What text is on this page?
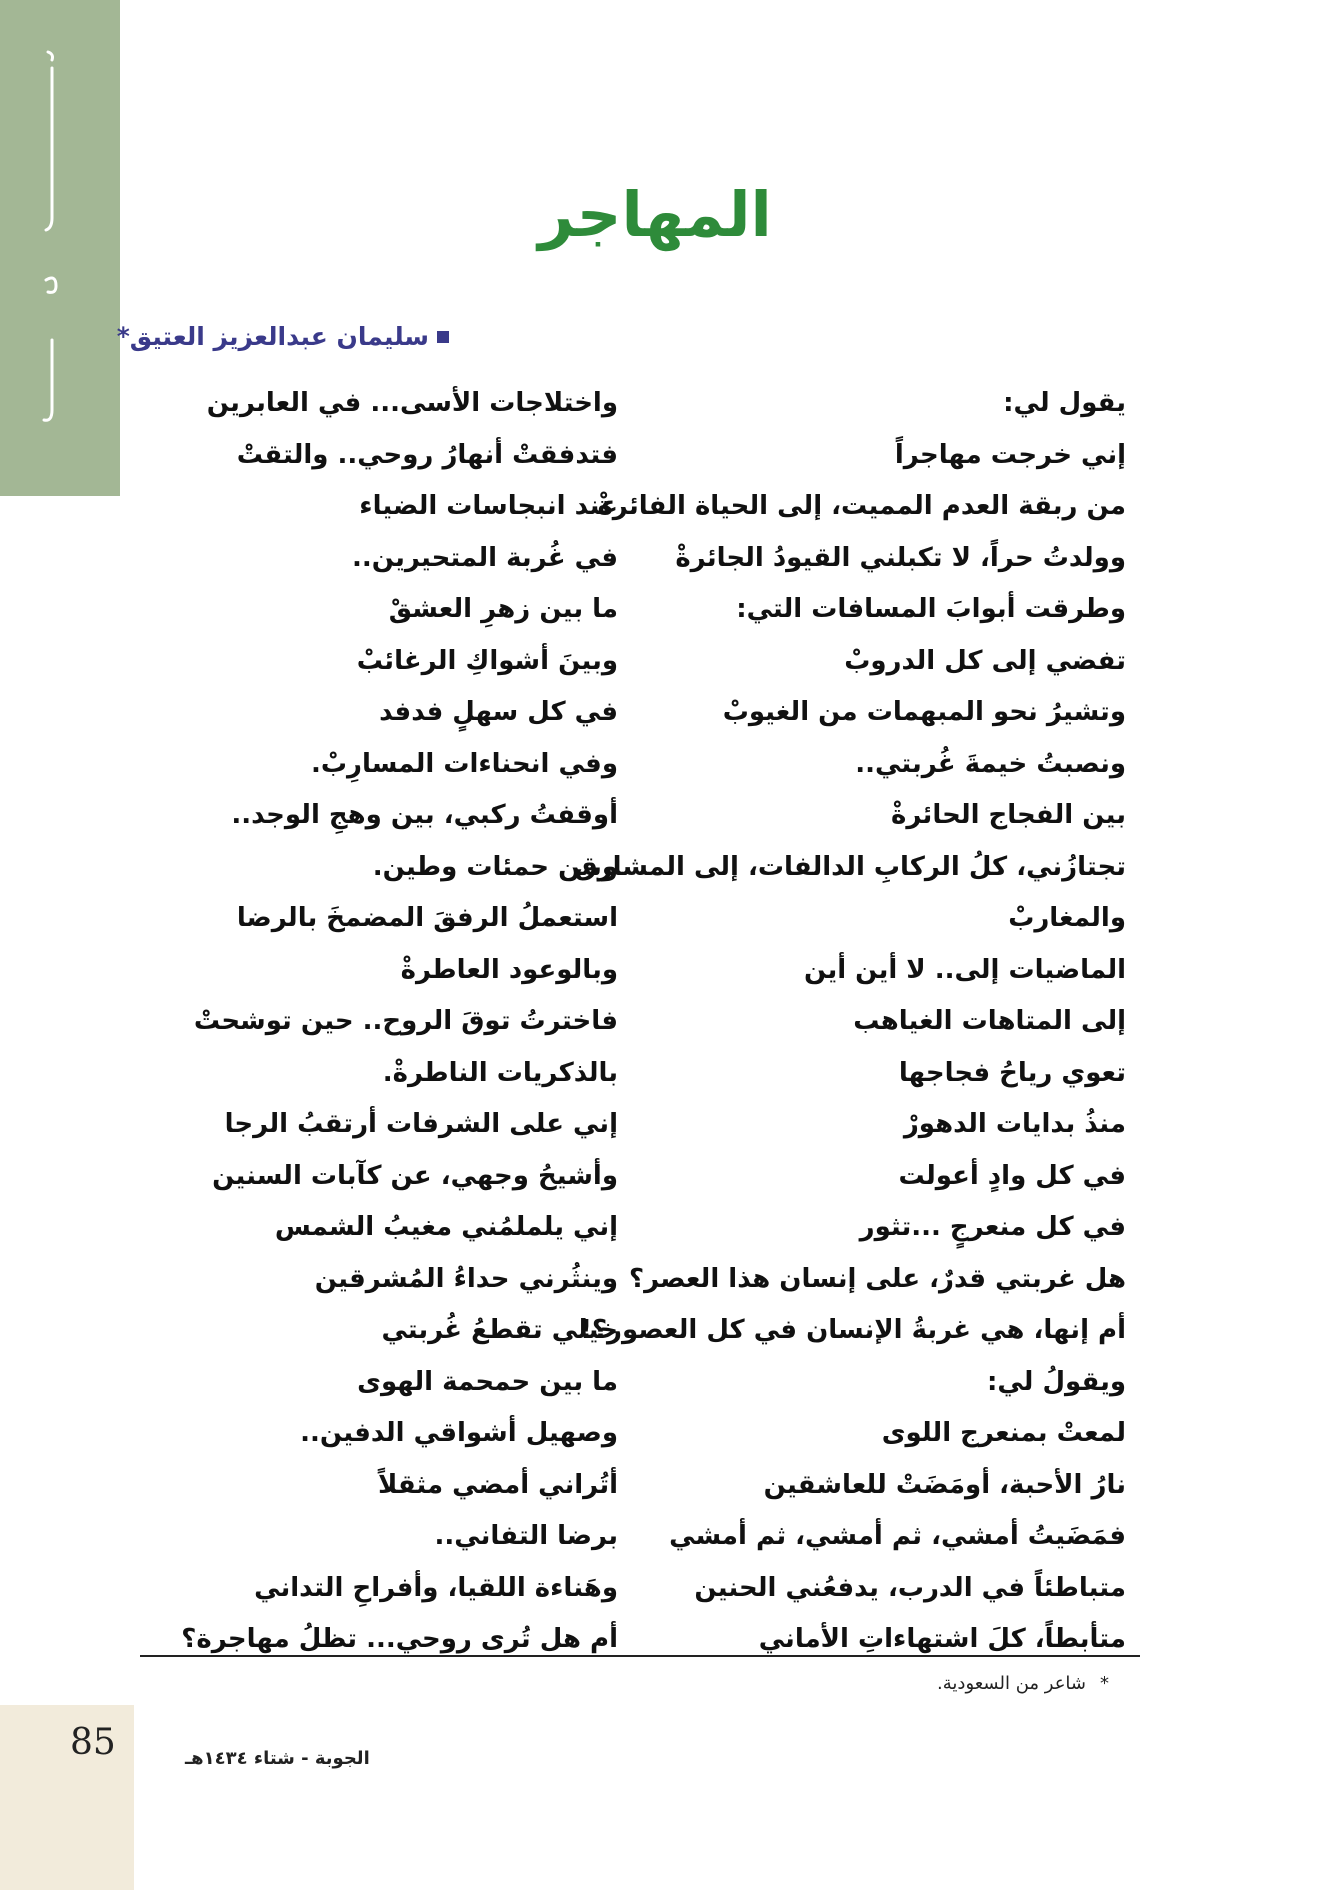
85
المهاجر
سليمان عبدالعزيز العتيق*
يقول لي:
إني خرجت مهاجراً
من ربقة العدم المميت، إلى الحياة الفائرةْ
وولدتُ حراً، لا تكبلني القيودُ الجائرةْ
وطرقت أبوابَ المسافات التي:
تفضي إلى كل الدروبْ
وتشيرُ نحو المبهمات من الغيوبْ
ونصبتُ خيمةَ غُربتي..
بين الفجاج الحائرةْ
تجتازُني، كلُ الركابِ الدالفات، إلى المشارق
والمغاربْ
الماضيات إلى.. لا أين أين
إلى المتاهات الغياهب
تعوي رياحُ فجاجها
منذُ بدايات الدهورْ
في كل وادٍ أعولت
في كل منعرجٍ ...تثور
هل غربتي قدرٌ، على إنسان هذا العصر؟
أم إنها، هي غربةُ الإنسان في كل العصور؟!
ويقولُ لي:
لمعتْ بمنعرج اللوى
نارُ الأحبة، أومَضَتْ للعاشقين
فمَضَيتُ أمشي، ثم أمشي، ثم أمشي
متباطئاً في الدرب، يدفعُني الحنين
متأبطاً، كلَ اشتهاءاتِ الأماني
واختلاجات الأسى... في العابرين
فتدفقتْ أنهارُ روحي.. والتقتْ
عند انبجاسات الضياء
في غُربة المتحيرين..
ما بين زهرِ العشقْ
وبينَ أشواكِ الرغائبْ
في كل سهلٍ فدفد
وفي انحناءات المسارِبْ.
أوقفتُ ركبي، بين وهجِ الوجد..
وبين حمئات وطين.
استعملُ الرفقَ المضمخَ بالرضا
وبالوعود العاطرةْ
فاخترتُ توقَ الروح.. حين توشحتْ
بالذكريات الناطرةْ.
إني على الشرفات أرتقبُ الرجا
وأشيحُ وجهي، عن كآبات السنين
إني يلملمُني مغيبُ الشمس
وينثُرني حداءُ المُشرقين
خيلي تقطعُ غُربتي
ما بين حمحمة الهوى
وصهيل أشواقي الدفين..
أتُراني أمضي مثقلاً
برضا التفاني..
وهَناءة اللقيا، وأفراحِ التداني
أم هل تُرى روحي... تظلُ مهاجرة؟
*
شاعر من السعودية.
الجوبة - شتاء ١٤٣٤هـ
